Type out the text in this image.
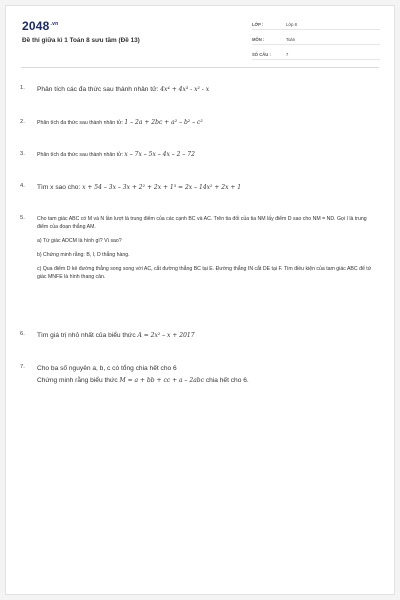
$2048^{.vn}$
Đề thi giữa kì 1 Toán 8 sưu tầm (Đề 13)
LỚP :	Lớp 8
MÔN :	Toán
SỐ CÂU :	7
1.	Phân tích các đa thức sau thành nhân tử: 4x⁴ + 4x³ - x² - x
2.	Phân tích đa thức sau thành nhân tử: 1 – 2a + 2bc + a² – b² – c²
3.	Phân tích đa thức sau thành nhân tử: x – 7x – 5x – 4x – 2 – 72
4.	Tìm x sao cho: x + 54 – 3x – 3x + 2² + 2x + 1³ = 2x – 14x² + 2x + 1
5.	Cho tam giác ABC có M và N lần lượt là trung điểm của các cạnh BC và AC. Trên tia đối của tia NM lấy điểm D sao cho NM = ND. Gọi I là trung điểm của đoạn thẳng AM.

a) Tứ giác ADCM là hình gì? Vì sao?

b) Chứng minh rằng: B, I, D thẳng hàng.

c) Qua điểm D kẻ đường thẳng song song với AC, cắt đường thẳng BC tại E. Đường thẳng IN cắt DE tại F. Tìm điều kiện của tam giác ABC để tứ giác MNFE là hình thang cân.

6.	Tìm giá trị nhỏ nhất của biểu thức A = 2x² – x + 2017
7.	Cho ba số nguyên a, b, c có tổng chia hết cho 6
Chứng minh rằng biểu thức M = a + bb + cc + a – 2abc chia hết cho 6.
